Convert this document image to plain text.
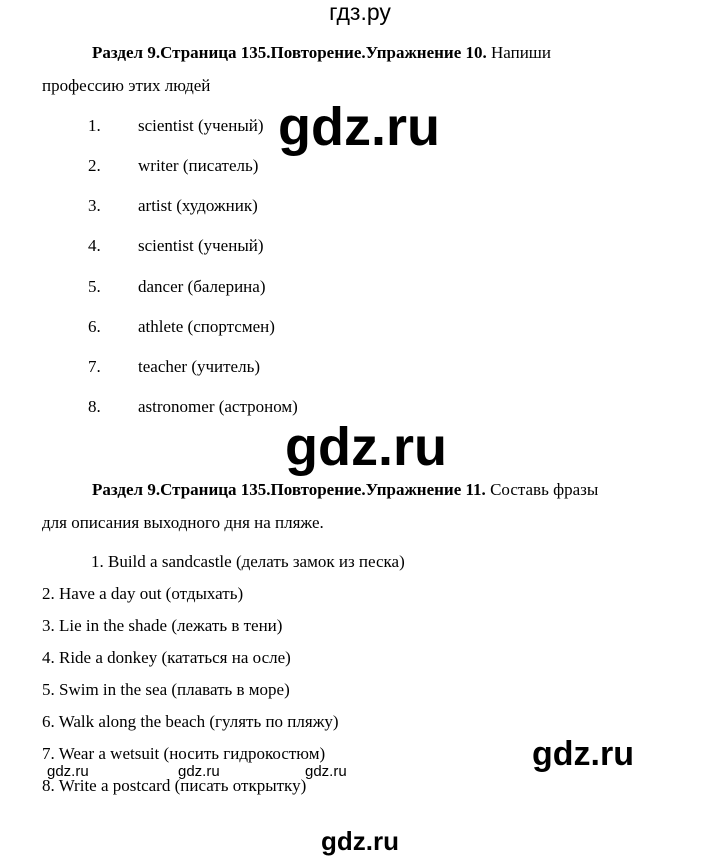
гдз.ру
Раздел 9.Страница 135.Повторение.Упражнение 10. Напиши
профессию этих людей
1. scientist (ученый)
2. writer (писатель)
3. artist (художник)
4. scientist (ученый)
5. dancer (балерина)
6. athlete (спортсмен)
7. teacher (учитель)
8. astronomer (астроном)
Раздел 9.Страница 135.Повторение.Упражнение 11. Составь фразы
для описания выходного дня на пляже.
1. Build a sandcastle (делать замок из песка)
2. Have a day out (отдыхать)
3. Lie in the shade (лежать в тени)
4. Ride a donkey (кататься на осле)
5. Swim in the sea (плавать в море)
6. Walk along the beach (гулять по пляжу)
7. Wear a wetsuit (носить гидрокостюм)
8. Write a postcard (писать открытку)
gdz.ru
gdz.ru
gdz.ru
gdz.ru	gdz.ru	gdz.ru
gdz.ru
